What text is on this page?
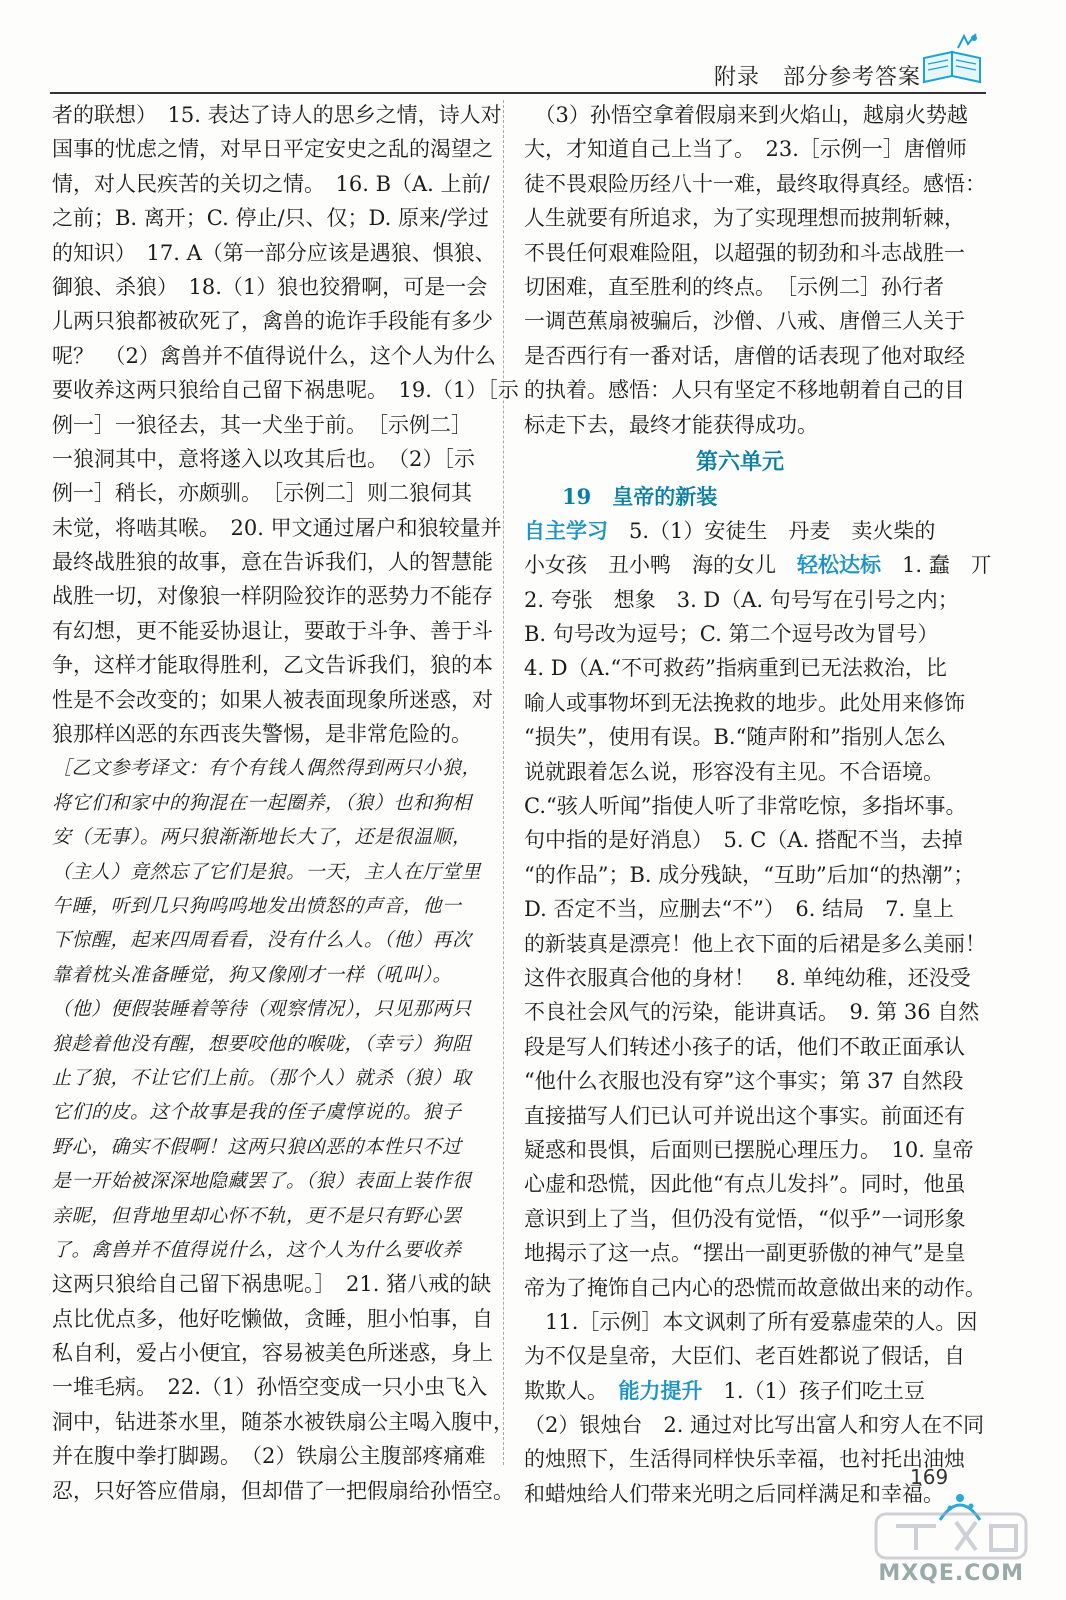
附录　部分参考答案
者的联想）　15. 表达了诗人的思乡之情，诗人对
国事的忧虑之情，对早日平定安史之乱的渴望之
情，对人民疾苦的关切之情。　16. B（A. 上前/
之前；B. 离开；C. 停止/只、仅；D. 原来/学过
的知识）　17. A（第一部分应该是遇狼、惧狼、
御狼、杀狼）　18.（1）狼也狡猾啊，可是一会
儿两只狼都被砍死了，禽兽的诡诈手段能有多少
呢？　（2）禽兽并不值得说什么，这个人为什么
要收养这两只狼给自己留下祸患呢。　19.（1）［示
例一］一狼径去，其一犬坐于前。　［示例二］
一狼洞其中，意将遂入以攻其后也。　（2）［示
例一］稍长，亦颇驯。　［示例二］则二狼伺其
未觉，将啮其喉。　20. 甲文通过屠户和狼较量并
最终战胜狼的故事，意在告诉我们，人的智慧能
战胜一切，对像狼一样阴险狡诈的恶势力不能存
有幻想，更不能妥协退让，要敢于斗争、善于斗
争，这样才能取得胜利，乙文告诉我们，狼的本
性是不会改变的；如果人被表面现象所迷惑，对
狼那样凶恶的东西丧失警惕，是非常危险的。
［乙文参考译文：有个有钱人偶然得到两只小狼，
将它们和家中的狗混在一起圈养，（狼）也和狗相
安（无事）。两只狼渐渐地长大了，还是很温顺，
（主人）竟然忘了它们是狼。一天，主人在厅堂里
午睡，听到几只狗呜呜地发出愤怒的声音，他一
下惊醒，起来四周看看，没有什么人。（他）再次
靠着枕头准备睡觉，狗又像刚才一样（吼叫）。
（他）便假装睡着等待（观察情况），只见那两只
狼趁着他没有醒，想要咬他的喉咙，（幸亏）狗阻
止了狼，不让它们上前。（那个人）就杀（狼）取
它们的皮。这个故事是我的侄子虞惇说的。狼子
野心，确实不假啊！这两只狼凶恶的本性只不过
是一开始被深深地隐藏罢了。（狼）表面上装作很
亲昵，但背地里却心怀不轨，更不是只有野心罢
了。禽兽并不值得说什么，这个人为什么要收养
这两只狼给自己留下祸患呢。］　21. 猪八戒的缺
点比优点多，他好吃懒做，贪睡，胆小怕事，自
私自利，爱占小便宜，容易被美色所迷惑，身上
一堆毛病。　22.（1）孙悟空变成一只小虫飞入
洞中，钻进茶水里，随茶水被铁扇公主喝入腹中，
并在腹中拳打脚踢。　（2）铁扇公主腹部疼痛难
忍，只好答应借扇，但却借了一把假扇给孙悟空。
　（3）孙悟空拿着假扇来到火焰山，越扇火势越
大，才知道自己上当了。　23.［示例一］唐僧师
徒不畏艰险历经八十一难，最终取得真经。感悟：
人生就要有所追求，为了实现理想而披荆斩棘，
不畏任何艰难险阻，以超强的韧劲和斗志战胜一
切困难，直至胜利的终点。　［示例二］孙行者
一调芭蕉扇被骗后，沙僧、八戒、唐僧三人关于
是否西行有一番对话，唐僧的话表现了他对取经
的执着。感悟：人只有坚定不移地朝着自己的目
标走下去，最终才能获得成功。
第六单元
19　皇帝的新装
自主学习　5.（1）安徒生　丹麦　卖火柴的
小女孩　丑小鸭　海的女儿　轻松达标　1. 蠢　丌
2. 夸张　想象　3. D（A. 句号写在引号之内；
B. 句号改为逗号；C. 第二个逗号改为冒号）
4. D（A.“不可救药”指病重到已无法救治，比
喻人或事物坏到无法挽救的地步。此处用来修饰
“损失”，使用有误。B.“随声附和”指别人怎么
说就跟着怎么说，形容没有主见。不合语境。
C.“骇人听闻”指使人听了非常吃惊，多指坏事。
句中指的是好消息）　5. C（A. 搭配不当，去掉
“的作品”；B. 成分残缺，“互助”后加“的热潮”；
D. 否定不当，应删去“不”）　6. 结局　7. 皇上
的新装真是漂亮！他上衣下面的后裙是多么美丽！
这件衣服真合他的身材！　8. 单纯幼稚，还没受
不良社会风气的污染，能讲真话。　9. 第 36 自然
段是写人们转述小孩子的话，他们不敢正面承认
“他什么衣服也没有穿”这个事实；第 37 自然段
直接描写人们已认可并说出这个事实。前面还有
疑惑和畏惧，后面则已摆脱心理压力。　10. 皇帝
心虚和恐慌，因此他“有点儿发抖”。同时，他虽
意识到上了当，但仍没有觉悟，“似乎”一词形象
地揭示了这一点。“摆出一副更骄傲的神气”是皇
帝为了掩饰自己内心的恐慌而故意做出来的动作。
　11.［示例］本文讽刺了所有爱慕虚荣的人。因
为不仅是皇帝，大臣们、老百姓都说了假话，自
欺欺人。　能力提升　1.（1）孩子们吃土豆
（2）银烛台　2. 通过对比写出富人和穷人在不同
的烛照下，生活得同样快乐幸福，也衬托出油烛
和蜡烛给人们带来光明之后同样满足和幸福。
169
MXQE.COM
